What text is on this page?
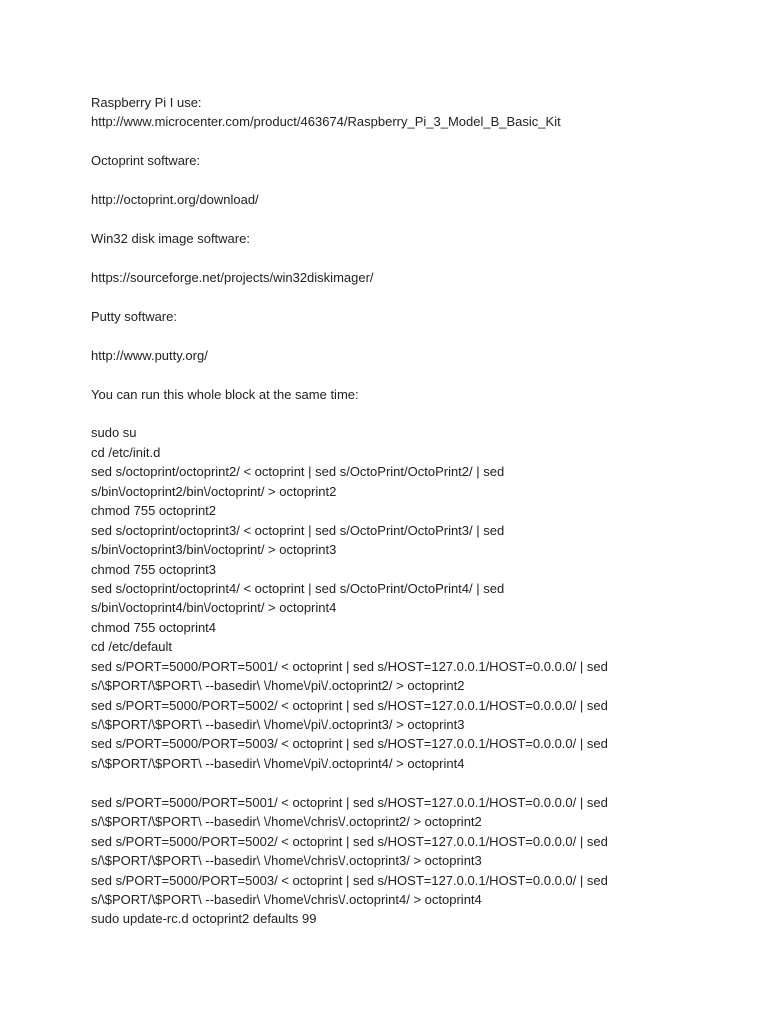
Raspberry Pi I use:
http://www.microcenter.com/product/463674/Raspberry_Pi_3_Model_B_Basic_Kit
Octoprint software:
http://octoprint.org/download/
Win32 disk image software:
https://sourceforge.net/projects/win32diskimager/
Putty software:
http://www.putty.org/
You can run this whole block at the same time:
sudo su
cd /etc/init.d
sed s/octoprint/octoprint2/ < octoprint | sed s/OctoPrint/OctoPrint2/ | sed
s/bin\/octoprint2/bin\/octoprint/ > octoprint2
chmod 755 octoprint2
sed s/octoprint/octoprint3/ < octoprint | sed s/OctoPrint/OctoPrint3/ | sed
s/bin\/octoprint3/bin\/octoprint/ > octoprint3
chmod 755 octoprint3
sed s/octoprint/octoprint4/ < octoprint | sed s/OctoPrint/OctoPrint4/ | sed
s/bin\/octoprint4/bin\/octoprint/ > octoprint4
chmod 755 octoprint4
cd /etc/default
sed s/PORT=5000/PORT=5001/ < octoprint | sed s/HOST=127.0.0.1/HOST=0.0.0.0/ | sed
s/\$PORT/\$PORT\ --basedir\ \/home\/pi\/.octoprint2/ > octoprint2
sed s/PORT=5000/PORT=5002/ < octoprint | sed s/HOST=127.0.0.1/HOST=0.0.0.0/ | sed
s/\$PORT/\$PORT\ --basedir\ \/home\/pi\/.octoprint3/ > octoprint3
sed s/PORT=5000/PORT=5003/ < octoprint | sed s/HOST=127.0.0.1/HOST=0.0.0.0/ | sed
s/\$PORT/\$PORT\ --basedir\ \/home\/pi\/.octoprint4/ > octoprint4
sed s/PORT=5000/PORT=5001/ < octoprint | sed s/HOST=127.0.0.1/HOST=0.0.0.0/ | sed
s/\$PORT/\$PORT\ --basedir\ \/home\/chris\/.octoprint2/ > octoprint2
sed s/PORT=5000/PORT=5002/ < octoprint | sed s/HOST=127.0.0.1/HOST=0.0.0.0/ | sed
s/\$PORT/\$PORT\ --basedir\ \/home\/chris\/.octoprint3/ > octoprint3
sed s/PORT=5000/PORT=5003/ < octoprint | sed s/HOST=127.0.0.1/HOST=0.0.0.0/ | sed
s/\$PORT/\$PORT\ --basedir\ \/home\/chris\/.octoprint4/ > octoprint4
sudo update-rc.d octoprint2 defaults 99
